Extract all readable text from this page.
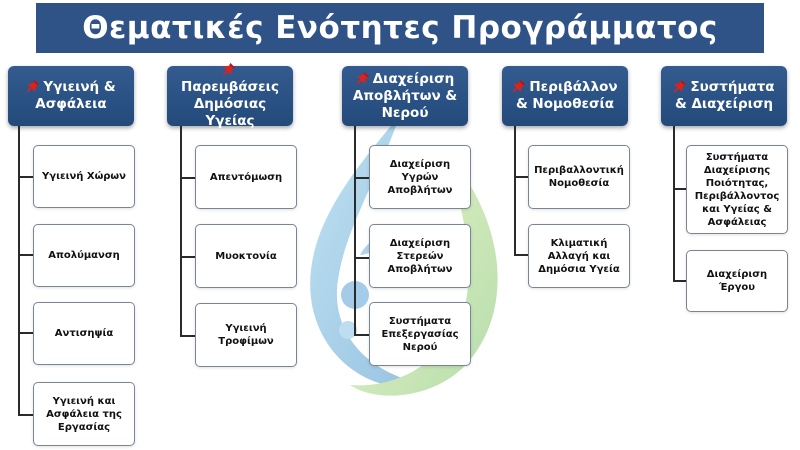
Θεματικές Ενότητες Προγράμματος
Υγιεινή & Ασφάλεια
Υγιεινή Χώρων
Απολύμανση
Αντισηψία
Υγιεινή και Ασφάλεια της Εργασίας
Παρεμβάσεις Δημόσιας Υγείας
Απεντόμωση
Μυοκτονία
Υγιεινή Τροφίμων
Διαχείριση Αποβλήτων & Νερού
Διαχείριση Υγρών Αποβλήτων
Διαχείριση Στερεών Αποβλήτων
Συστήματα Επεξεργασίας Νερού
Περιβάλλον & Νομοθεσία
Περιβαλλοντική Νομοθεσία
Κλιματική Αλλαγή και Δημόσια Υγεία
Συστήματα & Διαχείριση
Συστήματα Διαχείρισης Ποιότητας, Περιβάλλοντος και Υγείας & Ασφάλειας
Διαχείριση Έργου
